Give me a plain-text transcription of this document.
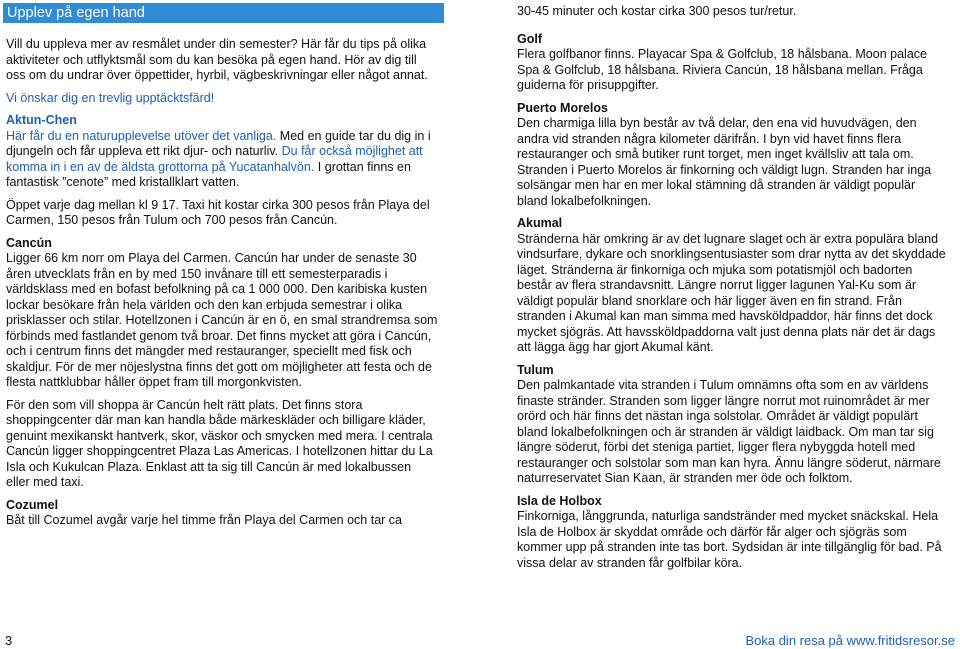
Upplev på egen hand

Vill du uppleva mer av resmålet under din semester? Här får du tips på olika aktiviteter och utflyktsmål som du kan besöka på egen hand. Hör av dig till oss om du undrar över öppettider, hyrbil, vägbeskrivningar eller något annat.

Vi önskar dig en trevlig upptäcktsfärd!

Aktun-Chen
Här får du en naturupplevelse utöver det vanliga. Med en guide tar du dig in i djungeln och får uppleva ett rikt djur- och naturliv. Du får också möjlighet att komma in i en av de äldsta grottorna på Yucatanhalvön. I grottan finns en fantastisk ”cenote” med kristallklart vatten.

Öppet varje dag mellan kl 9 17. Taxi hit kostar cirka 300 pesos från Playa del Carmen, 150 pesos från Tulum och 700 pesos från Cancún.

Cancún
Ligger 66 km norr om Playa del Carmen. Cancún har under de senaste 30 åren utvecklats från en by med 150 invånare till ett semesterparadis i världsklass med en bofast befolkning på ca 1 000 000. Den karibiska kusten lockar besökare från hela världen och den kan erbjuda semestrar i olika prisklasser och stilar. Hotellzonen i Cancún är en ö, en smal strandremsa som förbinds med fastlandet genom två broar. Det finns mycket att göra i Cancún, och i centrum finns det mängder med restauranger, speciellt med fisk och skaldjur. För de mer nöjeslystna finns det gott om möjligheter att festa och de flesta nattklubbar håller öppet fram till morgonkvisten.

För den som vill shoppa är Cancún helt rätt plats. Det finns stora shoppingcenter där man kan handla både märkeskläder och billigare kläder, genuint mexikanskt hantverk, skor, väskor och smycken med mera. I centrala Cancún ligger shoppingcentret Plaza Las Americas. I hotellzonen hittar du La Isla och Kukulcan Plaza. Enklast att ta sig till Cancún är med lokalbussen eller med taxi.

Cozumel
Båt till Cozumel avgår varje hel timme från Playa del Carmen och tar ca

30-45 minuter och kostar cirka 300 pesos tur/retur.

Golf
Flera golfbanor finns. Playacar Spa & Golfclub, 18 hålsbana. Moon palace Spa & Golfclub, 18 hålsbana. Riviera Cancún, 18 hålsbana mellan. Fråga guiderna för prisuppgifter.

Puerto Morelos
Den charmiga lilla byn består av två delar, den ena vid huvudvägen, den andra vid stranden några kilometer därifrån. I byn vid havet finns flera restauranger och små butiker runt torget, men inget kvällsliv att tala om. Stranden i Puerto Morelos är finkorning och väldigt lugn. Stranden har inga solsängar men har en mer lokal stämning då stranden är väldigt populär bland lokalbefolkningen.

Akumal
Stränderna här omkring är av det lugnare slaget och är extra populära bland vindsurfare, dykare och snorklingsentusiaster som drar nytta av det skyddade läget. Stränderna är finkorniga och mjuka som potatismjöl och badorten består av flera strandavsnitt. Längre norrut ligger lagunen Yal-Ku som är väldigt populär bland snorklare och här ligger även en fin strand. Från stranden i Akumal kan man simma med havsköldpaddor, här finns det dock mycket sjögräs. Att havssköldpaddorna valt just denna plats när det är dags att lägga ägg har gjort Akumal känt.

Tulum
Den palmkantade vita stranden i Tulum omnämns ofta som en av världens finaste stränder. Stranden som ligger längre norrut mot ruinområdet är mer orörd och här finns det nästan inga solstolar. Området är väldigt populärt bland lokalbefolkningen och är stranden är väldigt laidback. Om man tar sig längre söderut, förbi det steniga partiet, ligger flera nybyggda hotell med restauranger och solstolar som man kan hyra. Ännu längre söderut, närmare naturreservatet Sian Kaan, är stranden mer öde och folktom.

Isla de Holbox
Finkorniga, långgrunda, naturliga sandstränder med mycket snäckskal. Hela Isla de Holbox är skyddat område och därför får alger och sjögräs som kommer upp på stranden inte tas bort. Sydsidan är inte tillgänglig för bad. På vissa delar av stranden får golfbilar köra.

3	Boka din resa på www.fritidsresor.se
